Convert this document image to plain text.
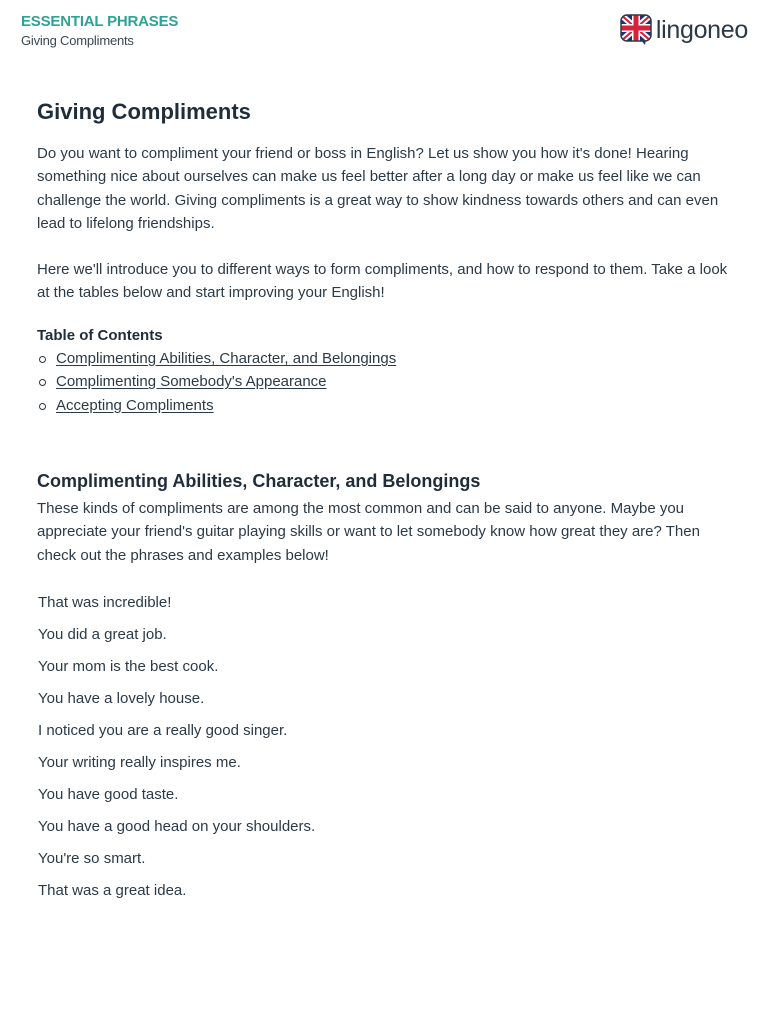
ESSENTIAL PHRASES
Giving Compliments	lingoneo
Giving Compliments

Do you want to compliment your friend or boss in English? Let us show you how it's done! Hearing something nice about ourselves can make us feel better after a long day or make us feel like we can challenge the world. Giving compliments is a great way to show kindness towards others and can even lead to lifelong friendships.

Here we'll introduce you to different ways to form compliments, and how to respond to them. Take a look at the tables below and start improving your English!

Table of Contents
Complimenting Abilities, Character, and Belongings
Complimenting Somebody's Appearance
Accepting Compliments
Complimenting Abilities, Character, and Belongings

These kinds of compliments are among the most common and can be said to anyone. Maybe you appreciate your friend's guitar playing skills or want to let somebody know how great they are? Then check out the phrases and examples below!

That was incredible!
You did a great job.
Your mom is the best cook.
You have a lovely house.
I noticed you are a really good singer.
Your writing really inspires me.
You have good taste.
You have a good head on your shoulders.
You're so smart.
That was a great idea.
